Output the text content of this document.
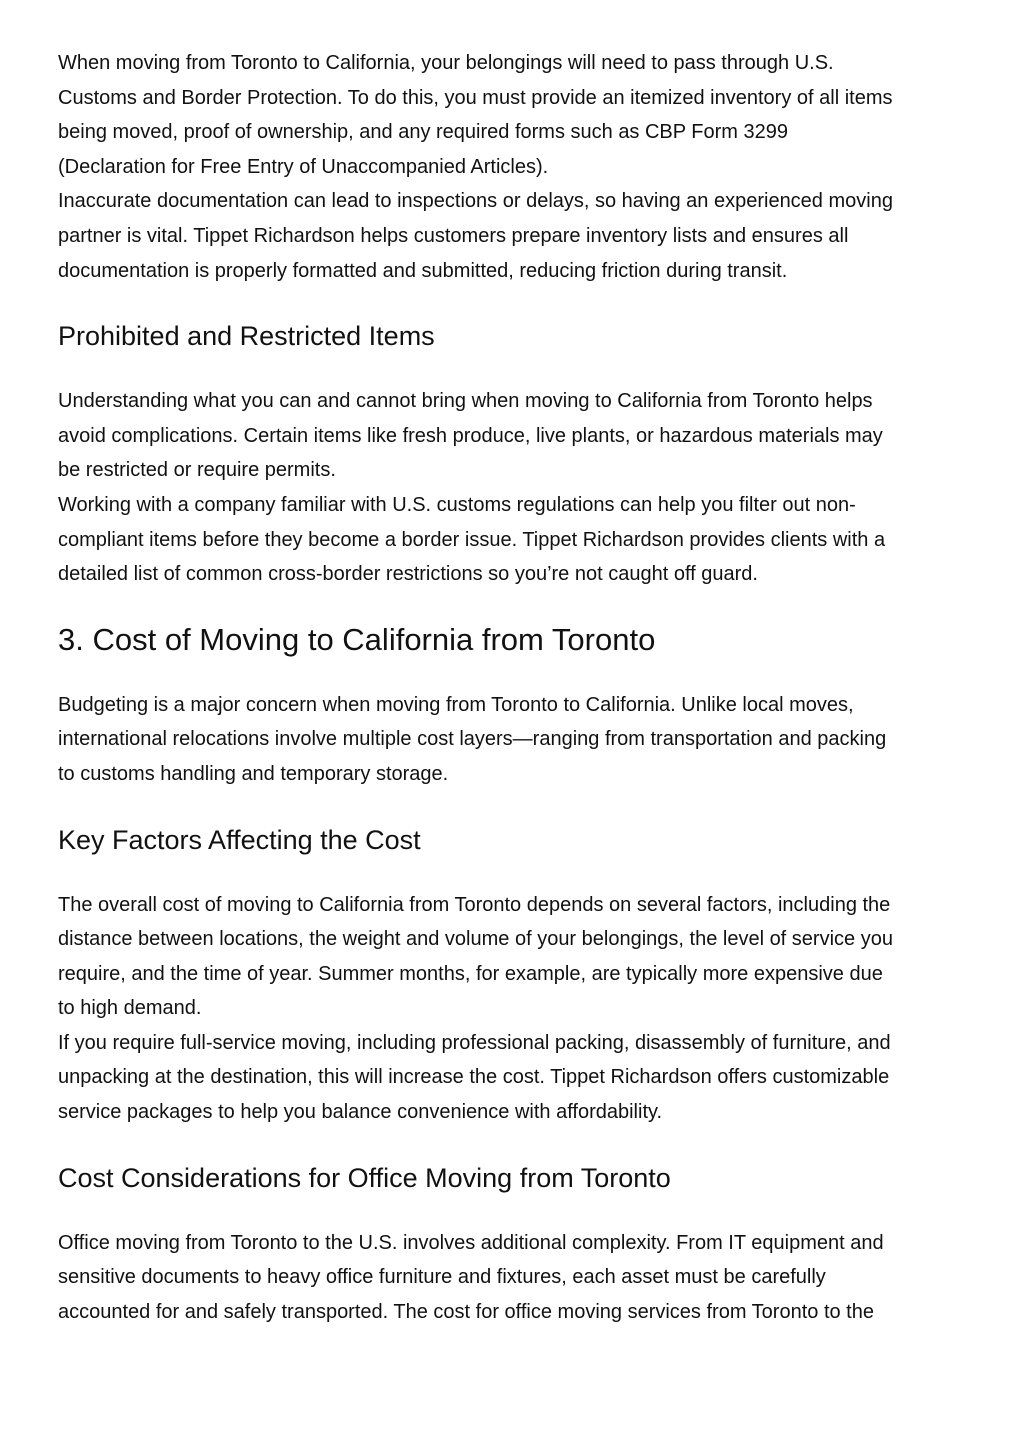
When moving from Toronto to California, your belongings will need to pass through U.S.
Customs and Border Protection. To do this, you must provide an itemized inventory of all items
being moved, proof of ownership, and any required forms such as CBP Form 3299
(Declaration for Free Entry of Unaccompanied Articles).

Inaccurate documentation can lead to inspections or delays, so having an experienced moving
partner is vital. Tippet Richardson helps customers prepare inventory lists and ensures all
documentation is properly formatted and submitted, reducing friction during transit.

Prohibited and Restricted Items

Understanding what you can and cannot bring when moving to California from Toronto helps
avoid complications. Certain items like fresh produce, live plants, or hazardous materials may
be restricted or require permits.

Working with a company familiar with U.S. customs regulations can help you filter out non-
compliant items before they become a border issue. Tippet Richardson provides clients with a
detailed list of common cross-border restrictions so you’re not caught off guard.

3. Cost of Moving to California from Toronto

Budgeting is a major concern when moving from Toronto to California. Unlike local moves,
international relocations involve multiple cost layers—ranging from transportation and packing
to customs handling and temporary storage.

Key Factors Affecting the Cost

The overall cost of moving to California from Toronto depends on several factors, including the
distance between locations, the weight and volume of your belongings, the level of service you
require, and the time of year. Summer months, for example, are typically more expensive due
to high demand.

If you require full-service moving, including professional packing, disassembly of furniture, and
unpacking at the destination, this will increase the cost. Tippet Richardson offers customizable
service packages to help you balance convenience with affordability.

Cost Considerations for Office Moving from Toronto

Office moving from Toronto to the U.S. involves additional complexity. From IT equipment and
sensitive documents to heavy office furniture and fixtures, each asset must be carefully
accounted for and safely transported. The cost for office moving services from Toronto to the
